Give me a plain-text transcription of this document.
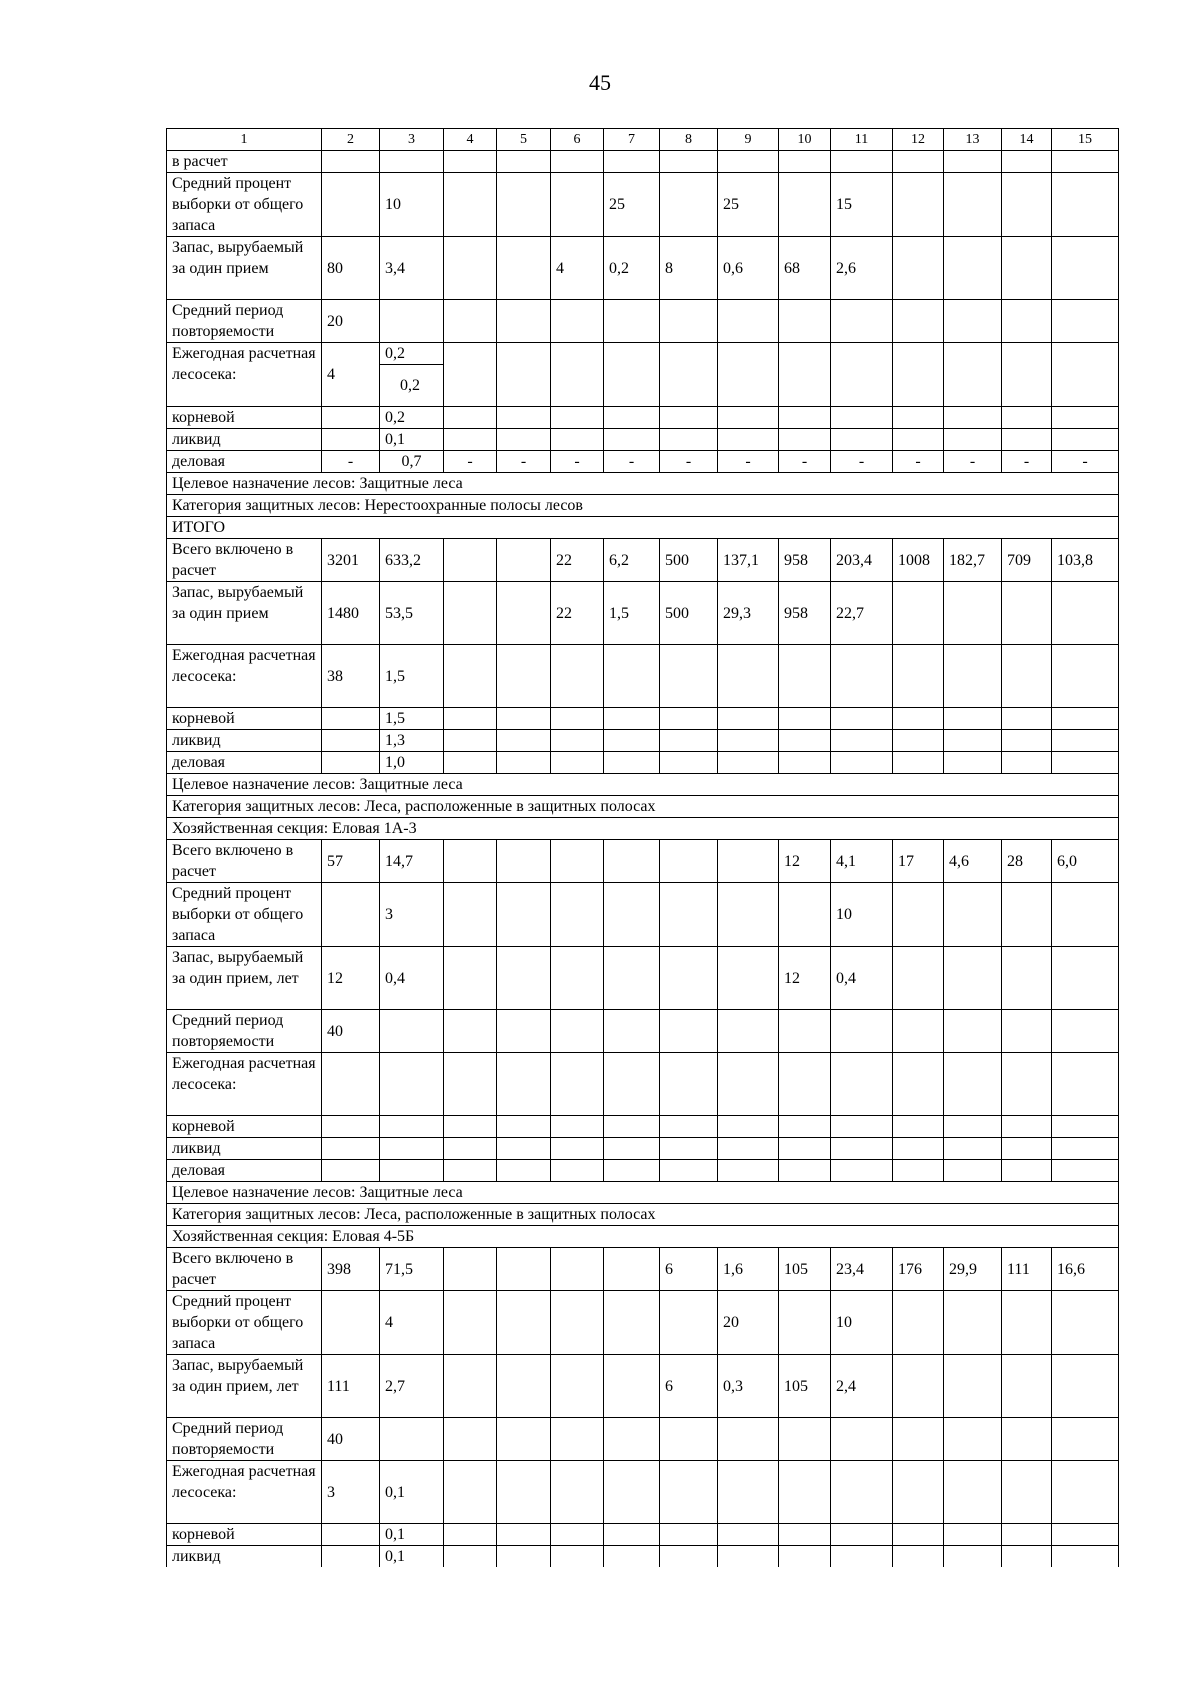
45
1	2	3	4	5	6	7	8	9	10	11	12	13	14	15
в расчет														
Средний процент выборки от общего запаса		10				25		25		15				
Запас, вырубаемый за один прием	80	3,4			4	0,2	8	0,6	68	2,6				
Средний период повторяемости	20													
Ежегодная расчетная лесосека:	4	0,2												
		0,2												
корневой		0,2												
ликвид		0,1												
деловая	-	0,7	-	-	-	-	-	-	-	-	-	-	-	-
Целевое назначение лесов: Защитные леса														
Категория защитных лесов: Нерестоохранные полосы лесов														
ИТОГО														
Всего включено в расчет	3201	633,2			22	6,2	500	137,1	958	203,4	1008	182,7	709	103,8
Запас, вырубаемый за один прием	1480	53,5			22	1,5	500	29,3	958	22,7				
Ежегодная расчетная лесосека:	38	1,5												
корневой		1,5												
ликвид		1,3												
деловая		1,0												
Целевое назначение лесов: Защитные леса														
Категория защитных лесов: Леса, расположенные в защитных полосах														
Хозяйственная секция: Еловая 1А-3														
Всего включено в расчет	57	14,7							12	4,1	17	4,6	28	6,0
Средний процент выборки от общего запаса		3								10				
Запас, вырубаемый за один прием, лет	12	0,4							12	0,4				
Средний период повторяемости	40													
Ежегодная расчетная лесосека:														
корневой														
ликвид														
деловая														
Целевое назначение лесов: Защитные леса														
Категория защитных лесов: Леса, расположенные в защитных полосах														
Хозяйственная секция: Еловая 4-5Б														
Всего включено в расчет	398	71,5					6	1,6	105	23,4	176	29,9	111	16,6
Средний процент выборки от общего запаса		4						20		10				
Запас, вырубаемый за один прием, лет	111	2,7					6	0,3	105	2,4				
Средний период повторяемости	40													
Ежегодная расчетная лесосека:	3	0,1												
корневой		0,1												
ликвид		0,1												
